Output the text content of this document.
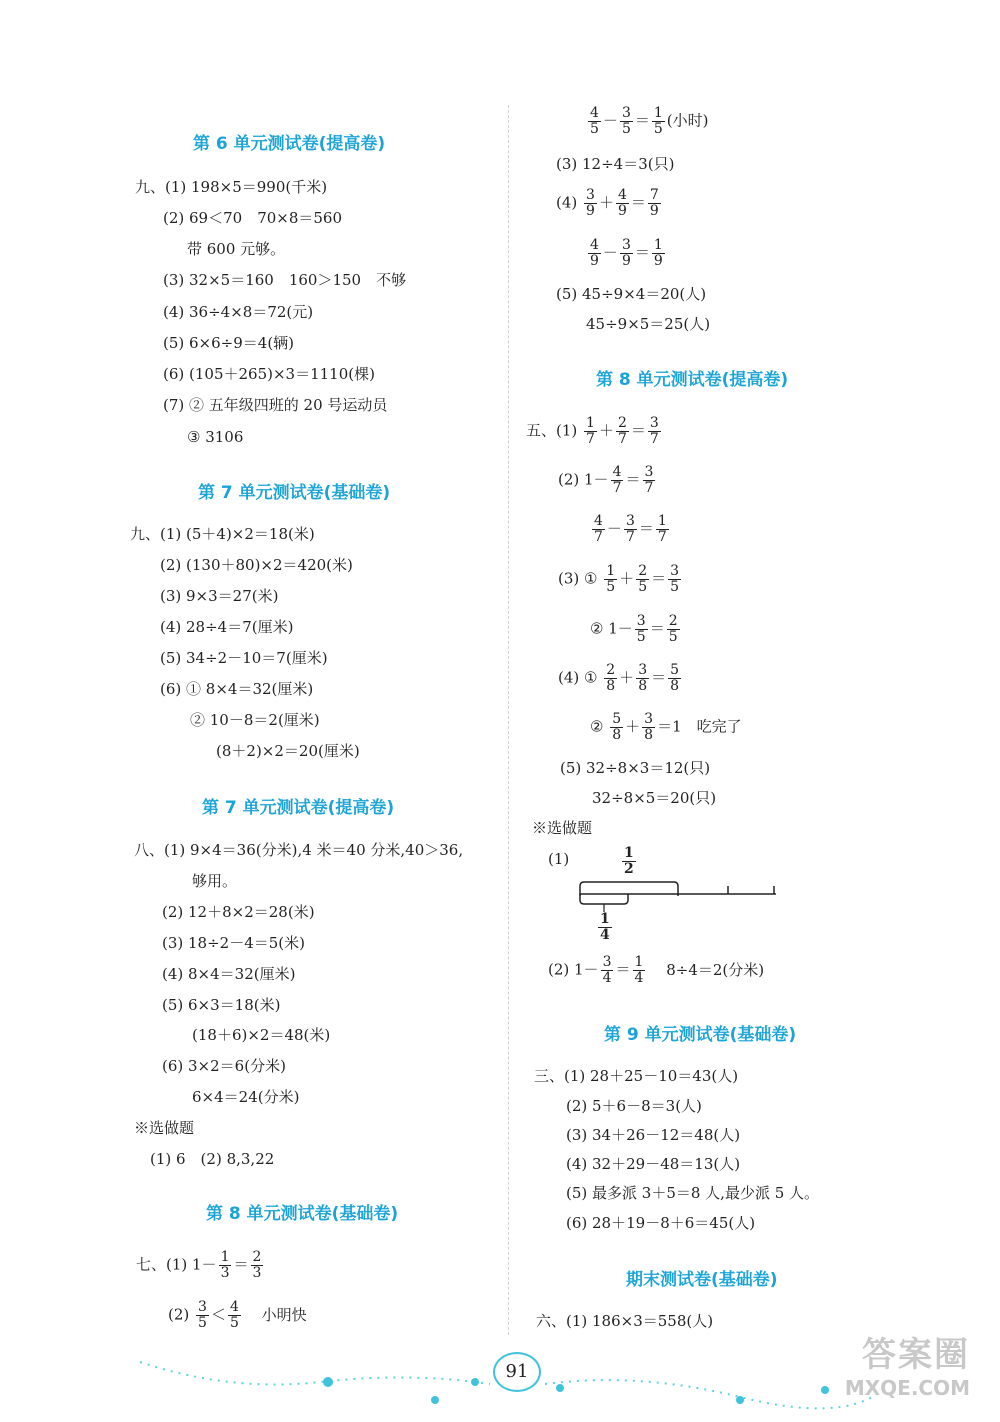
第 6 单元测试卷(提高卷)
九、(1) 198×5＝990(千米)
(2) 69＜70　70×8＝560
带 600 元够。
(3) 32×5＝160　160＞150　不够
(4) 36÷4×8＝72(元)
(5) 6×6÷9＝4(辆)
(6) (105＋265)×3＝1110(棵)
(7) ② 五年级四班的 20 号运动员
③ 3106
第 7 单元测试卷(基础卷)
九、(1) (5＋4)×2＝18(米)
(2) (130＋80)×2＝420(米)
(3) 9×3＝27(米)
(4) 28÷4＝7(厘米)
(5) 34÷2－10＝7(厘米)
(6) ① 8×4＝32(厘米)
② 10－8＝2(厘米)
(8＋2)×2＝20(厘米)
第 7 单元测试卷(提高卷)
八、(1) 9×4＝36(分米),4 米＝40 分米,40＞36,
够用。
(2) 12＋8×2＝28(米)
(3) 18÷2－4＝5(米)
(4) 8×4＝32(厘米)
(5) 6×3＝18(米)
(18＋6)×2＝48(米)
(6) 3×2＝6(分米)
6×4＝24(分米)
※选做题
(1) 6　(2) 8,3,22
第 8 单元测试卷(基础卷)
七、(1) $1- \frac{1}{3} = \frac{2}{3}$
$(2) \frac{3}{5} < \frac{4}{5}$ 小明快
$\frac{4}{5} - \frac{3}{5} = \frac{1}{5}$ (小时)
(3) 12÷4＝3(只)
$(4) \frac{3}{9} + \frac{4}{9} = \frac{7}{9}$
$\frac{4}{9} - \frac{3}{9} = \frac{1}{9}$
(5) 45÷9×4＝20(人)
45÷9×5＝25(人)
第 8 单元测试卷(提高卷)
五、$(1) \frac{1}{7} + \frac{2}{7} = \frac{3}{7}$
(2) $1- \frac{4}{7} = \frac{3}{7}$
$\frac{4}{7} - \frac{3}{7} = \frac{1}{7}$
(3) ① $\frac{1}{5} + \frac{2}{5} = \frac{3}{5}$
② $1- \frac{3}{5} = \frac{2}{5}$
(4) ① $\frac{2}{8} + \frac{3}{8} = \frac{5}{8}$
② $\frac{5}{8} + \frac{3}{8} =1$　吃完了
(5) 32÷8×3＝12(只)
32÷8×5＝20(只)
※选做题
(1)	$\frac{1}{2}$
$\frac{1}{4}$
(2) $1- \frac{3}{4} = \frac{1}{4} 8\div 4=2$(分米)
第 9 单元测试卷(基础卷)
三、(1) 28＋25－10＝43(人)
(2) 5＋6－8＝3(人)
(3) 34＋26－12＝48(人)
(4) 32＋29－48＝13(人)
(5) 最多派 3＋5＝8 人,最少派 5 人。
(6) 28＋19－8＋6＝45(人)
期末测试卷(基础卷)
六、(1) 186×3＝558(人)
91	答案圈
MXQE.COM
